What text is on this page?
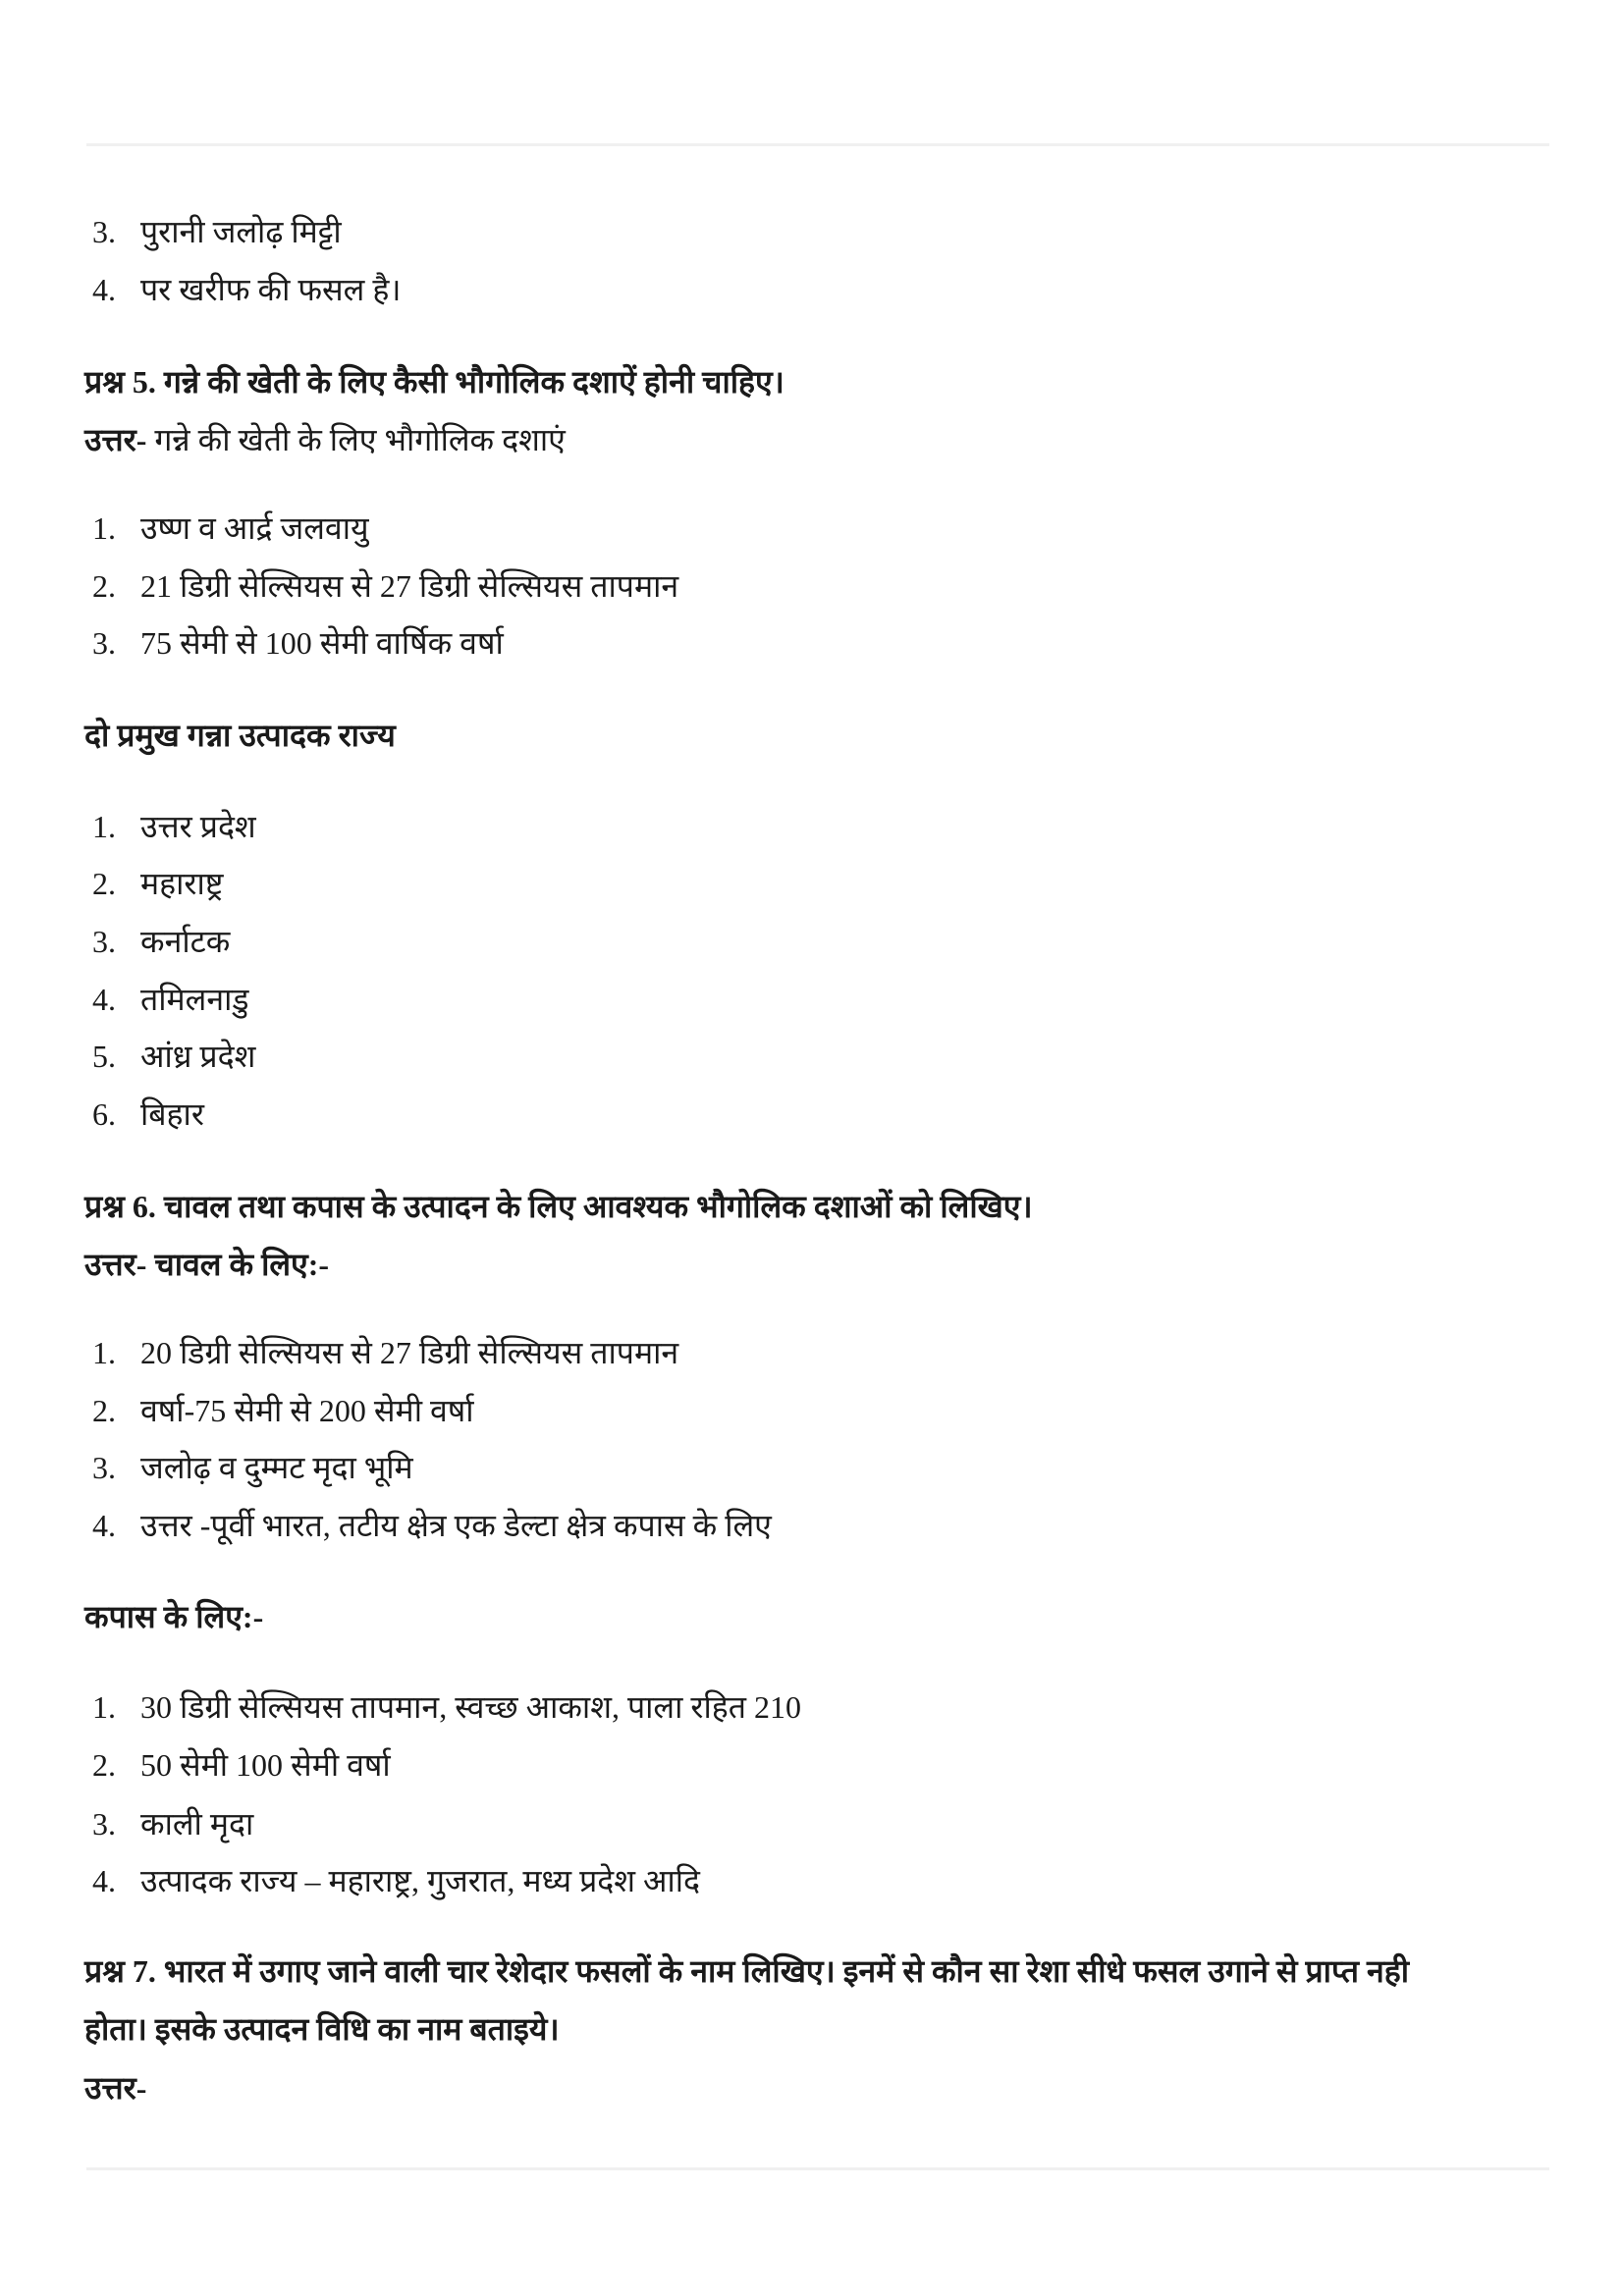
3. पुरानी जलोढ़ मिट्टी
4. पर खरीफ की फसल है।
प्रश्न 5. गन्ने की खेती के लिए कैसी भौगोलिक दशाऐं होनी चाहिए।
उत्तर- गन्ने की खेती के लिए भौगोलिक दशाएं
1. उष्ण व आर्द्र जलवायु
2. 21 डिग्री सेल्सियस से 27 डिग्री सेल्सियस तापमान
3. 75 सेमी से 100 सेमी वार्षिक वर्षा
दो प्रमुख गन्ना उत्पादक राज्य
1. उत्तर प्रदेश
2. महाराष्ट्र
3. कर्नाटक
4. तमिलनाडु
5. आंध्र प्रदेश
6. बिहार
प्रश्न 6. चावल तथा कपास के उत्पादन के लिए आवश्यक भौगोलिक दशाओं को लिखिए।
उत्तर- चावल के लिए:-
1. 20 डिग्री सेल्सियस से 27 डिग्री सेल्सियस तापमान
2. वर्षा-75 सेमी से 200 सेमी वर्षा
3. जलोढ़ व दुम्मट मृदा भूमि
4. उत्तर -पूर्वी भारत, तटीय क्षेत्र एक डेल्टा क्षेत्र कपास के लिए
कपास के लिए:-
1. 30 डिग्री सेल्सियस तापमान, स्वच्छ आकाश, पाला रहित 210
2. 50 सेमी 100 सेमी वर्षा
3. काली मृदा
4. उत्पादक राज्य – महाराष्ट्र, गुजरात, मध्य प्रदेश आदि
प्रश्न 7. भारत में उगाए जाने वाली चार रेशेदार फसलों के नाम लिखिए। इनमें से कौन सा रेशा सीधे फसल उगाने से प्राप्त नही
होता। इसके उत्पादन विधि का नाम बताइये।
उत्तर-
